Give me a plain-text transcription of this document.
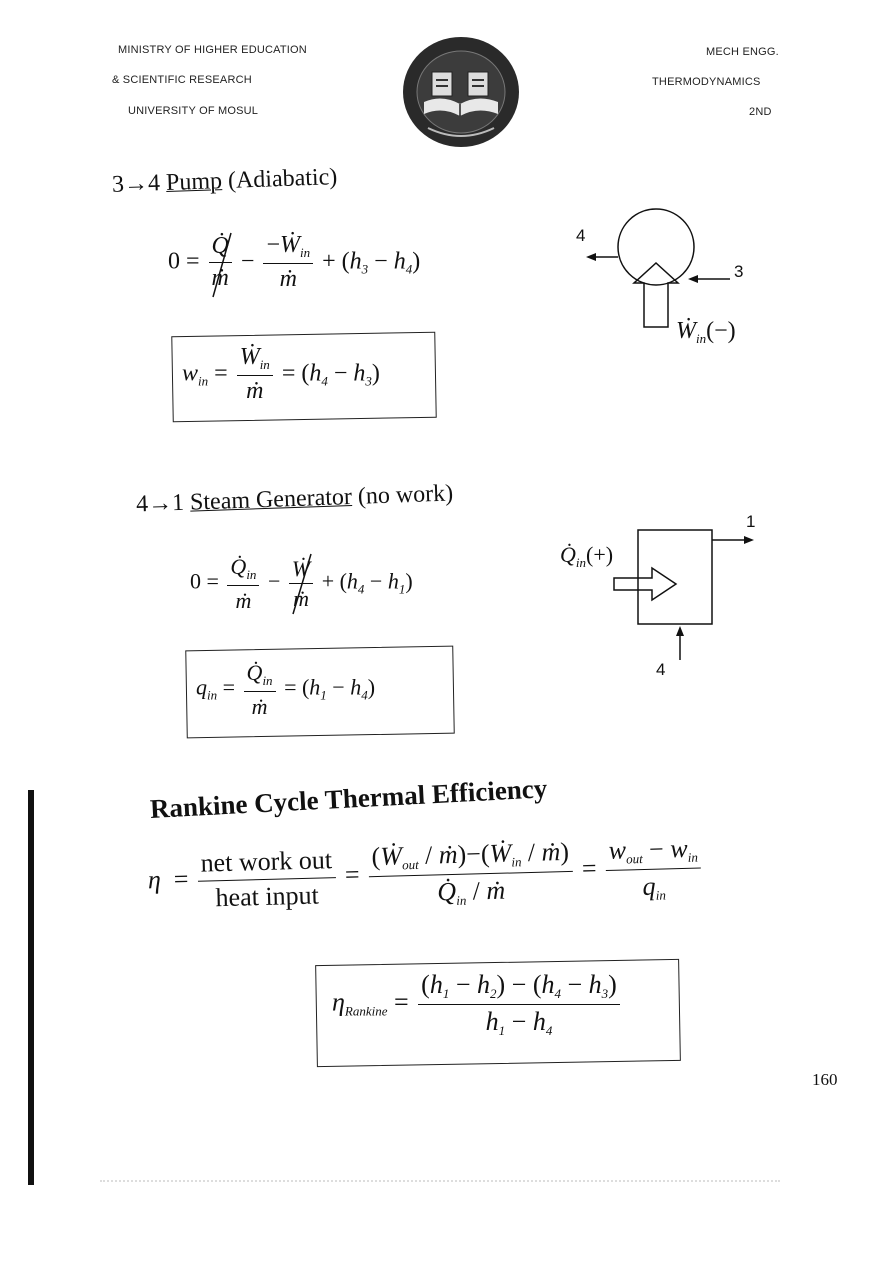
MINISTRY OF HIGHER EDUCATION
& SCIENTIFIC RESEARCH
UNIVERSITY OF MOSUL
MECH ENGG.
THERMODYNAMICS
2ND
3→4 Pump (Adiabatic)
$0 = \frac{Q̇}{\text{ṁ}} - \frac{-Ẇ_{in}}{\text{ṁ}} + (h_3 - h_4)$
$w_{in} = \frac{Ẇ_{in}}{\text{ṁ}} = (h_4 - h_3)$
4
3
Ẇ$_{in}$(−)
4→1 Steam Generator (no work)
$0 = \frac{Q̇_{in}}{\text{ṁ}} - \frac{\text{Ẇ}}{\text{ṁ}} + (h_4 - h_1)$
$q_{in} = \frac{Q̇_{in}}{\text{ṁ}} = (h_1 - h_4)$
1
4
$Q̇_{in}(+)$
Rankine Cycle Thermal Efficiency
$\eta = \frac{\text{net work out}}{\text{heat input}} = \frac{(Ẇ_{out} / ṁ)-(Ẇ_{in} / ṁ)}{Q̇_{in} / ṁ} = \frac{w_{out} - w_{in}}{q_{in}}$
$\eta_{Rankine} = \frac{(h_1 - h_2) - (h_4 - h_3)}{h_1 - h_4}$
160
